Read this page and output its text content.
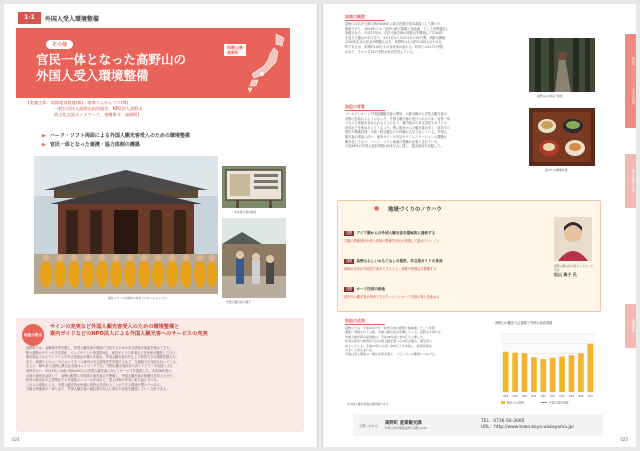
1-1	外国人受入環境整備
その他
官民一体となった高野山の
外国人受入環境整備
和歌山県
高野町
[実施主体：南海電気鉄道(株)、南海りんかんバス(株)、
一般社団法人高野山宿坊協会、NPO法人高野山
異文化交流ネットワーク、金剛峯寺、高野町]
▶ ハード・ソフト両面による外国人観光客受入のための環境整備
▶ 官民一体となった連携・協力体制の構築
海外メディアの取材や来日プロモーションツアー
多言語の案内看板
外国人観光客の様子
取組の要点
サインの充実など外国人観光客受入のための環境整備と
案内ガイドなどのNPO法人による外国人観光客へのサービスの充実
高野町では、金剛峯寺等を擁し、外国人観光客の増加に対応するための多言語化の取組を進めてきた。
駅や道路のサインの多言語化、ウェブサイトの外国語対応、案内ガイドの育成などを官民が連携して行い、
宿坊協会ではピクトグラムや多言語表記の導入を進め、外国人観光客が安心して宿泊できる環境を整えた。
また、南海りんかんバスにおいてもバス車内の多言語案内を実施するなど、交通面での対応も行っている。
さらに、NPO法人高野山異文化交流ネットワークでは、外国人観光客向けのガイドツアーや英語による
案内を行い、2015年には延べ約8,000人の外国人観光客に対してサービスを提供した。平成26年度に
は国の補助を活用して、高野山駅等に外国語の案内表示を整備し、外国人観光客の利便性を向上させた。
町内の飲食店や土産物店でも外国語メニューの作成など、受入体制の充実に取り組んでいる。
これらの取組により、外国人観光客が快適に高野山を訪れることができる環境が整いつつある。
今後も関係者が一体となり、外国人観光客の満足度の向上に向けた取組を継続していく方針である。
024
地域の概要
高野山は弘法大師空海が816年に真言密教の根本道場として開いた
聖地であり、2004年には「紀伊山地の霊場と参詣道」として世界遺産に
登録された。平成27年は、弘法大師空海が高野山を開創して1200年
を迎える節目の年であり、4月2日から5月21日の50日間、高野山開創
1200年記念大法会が開催された。高野町は人口約3,300人の小さな
町であるが、年間約100万人の参拝客が訪れる。町内には117の寺院
があり、そのうち52の寺院が宿坊を営んでいる。
高野山の寺院と参道
取組の背景
ゴールデンルート中国語圏観光客の増加、大都市圏から外国人観光客が
高野山を訪れるようになった。外国人観光客の受け入れのため、官民一体
となった取組が求められるようになり、案内表示の多言語化やガイドの
育成などを進めることとなった。特に欧米からの観光客が多く、宿坊での
滞在や精進料理、写経・阿字観などの体験が人気となっている。外国人
観光客の増加に伴い、案内サインの不足やコミュニケーションの課題が
顕在化しており、ハード・ソフト両面の整備が必要とされていた。
平成26年の外国人宿泊者数は約4万人に達し、過去最高を記録した。
宿坊での精進料理
● 地域づくりのノウハウ
課題 アジア圏からの外国人観光客を積極的に誘致する
共通の情報発信や受入体制の整備を官民が連携して進めていくこと
課題 高野山らしいおもてなしの提供、多言語ガイドの育成
地域の住民が外国語で案内できるよう、研修や勉強会を開催する
課題 カード決済の推進
国内外の観光客が利用できるクレジットカード決済の導入を進める
高野山異文化交流ネットワーク
代表
松山 典子 氏
取組の成果
高野山では、平成16年7月「紀伊山地の霊場と参詣道」として世界
遺産に登録されて以降、外国人観光客が急増している。高野山を訪れる
外国人観光客の宿泊数は、平成26年度に約4万人に達した。
町内の宿坊や飲食店では外国人観光客への対応が進み、満足度も
向上している。平成27年には延べ約5万人が来訪し、経済効果は
大きいと見込まれる。
今後は受入環境の一層の充実を図り、リピーターの獲得につなげる。
※外国人観光客数は推計値である
高野山の観光入込客数と外国人宿泊者数
H18 H19 H20 H21 H22 H23 H24 H25 H26 H27
観光入込客数	外国人宿泊者数
お問い合わせ	高野町 産業観光課
和歌山県伊都郡高野町高野山636
TEL：0736-56-3000
URL：http://www.town.koya.wakayama.jp/
025
第1章 インバウンドの受入環境
観光資源の活用
地域連携
